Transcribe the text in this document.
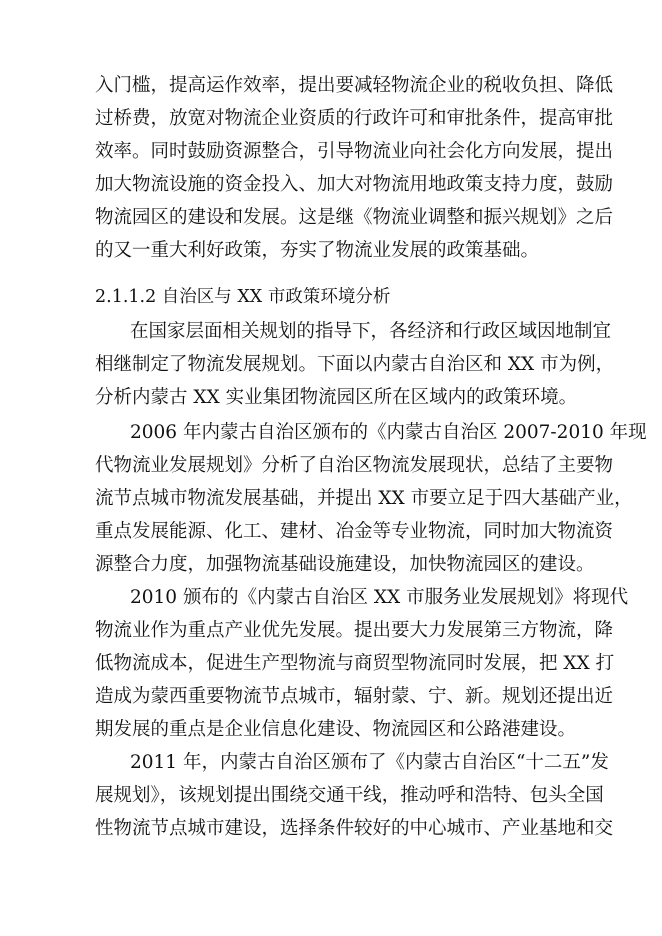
入门槛，提高运作效率，提出要减轻物流企业的税收负担、降低
过桥费，放宽对物流企业资质的行政许可和审批条件，提高审批
效率。同时鼓励资源整合，引导物流业向社会化方向发展，提出
加大物流设施的资金投入、加大对物流用地政策支持力度，鼓励
物流园区的建设和发展。这是继《物流业调整和振兴规划》之后
的又一重大利好政策，夯实了物流业发展的政策基础。
2.1.1.2 自治区与 XX 市政策环境分析
在国家层面相关规划的指导下，各经济和行政区域因地制宜
相继制定了物流发展规划。下面以内蒙古自治区和 XX 市为例，
分析内蒙古 XX 实业集团物流园区所在区域内的政策环境。
2006 年内蒙古自治区颁布的《内蒙古自治区 2007-2010 年现
代物流业发展规划》分析了自治区物流发展现状，总结了主要物
流节点城市物流发展基础，并提出 XX 市要立足于四大基础产业，
重点发展能源、化工、建材、冶金等专业物流，同时加大物流资
源整合力度，加强物流基础设施建设，加快物流园区的建设。
2010 颁布的《内蒙古自治区 XX 市服务业发展规划》将现代
物流业作为重点产业优先发展。提出要大力发展第三方物流，降
低物流成本，促进生产型物流与商贸型物流同时发展，把 XX 打
造成为蒙西重要物流节点城市，辐射蒙、宁、新。规划还提出近
期发展的重点是企业信息化建设、物流园区和公路港建设。
2011 年，内蒙古自治区颁布了《内蒙古自治区“十二五”发
展规划》，该规划提出围绕交通干线，推动呼和浩特、包头全国
性物流节点城市建设，选择条件较好的中心城市、产业基地和交
